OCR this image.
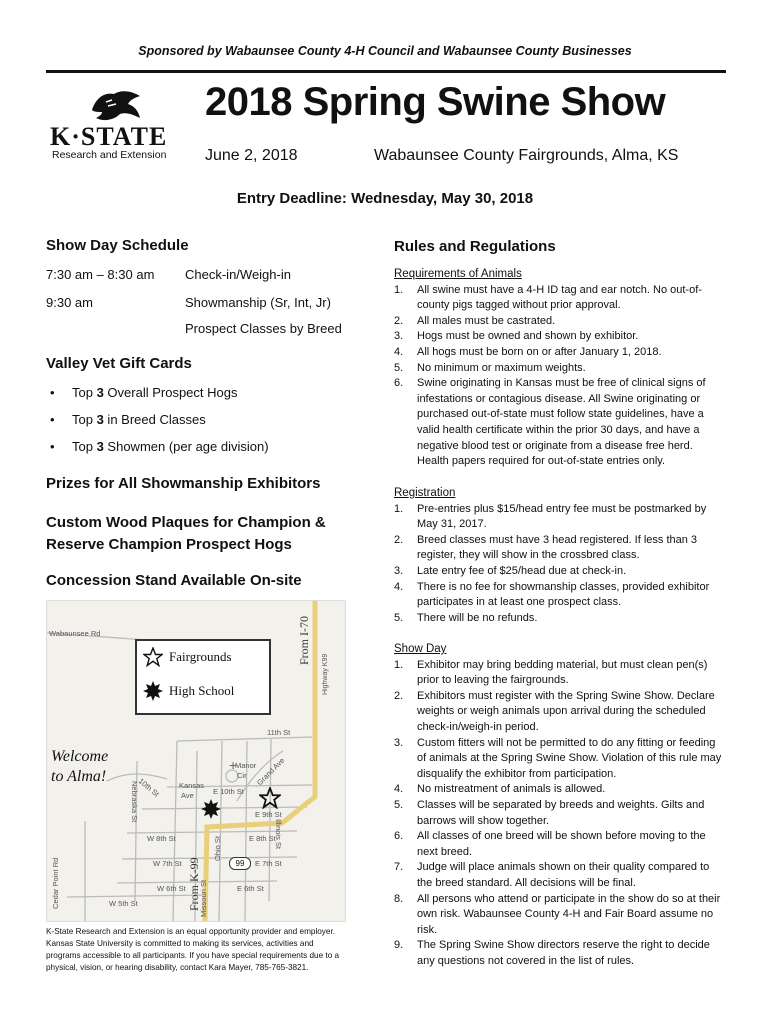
Sponsored by Wabaunsee County 4-H Council and Wabaunsee County Businesses
K·STATE
Research and Extension
2018 Spring Swine Show
June 2, 2018	Wabaunsee County Fairgrounds, Alma, KS
Entry Deadline: Wednesday, May 30, 2018
Show Day Schedule
7:30 am – 8:30 am Check-in/Weigh-in
9:30 am	Showmanship (Sr, Int, Jr)
Prospect Classes by Breed
Valley Vet Gift Cards
• Top 3 Overall Prospect Hogs
• Top 3 in Breed Classes
• Top 3 Showmen (per age division)
Prizes for All Showmanship Exhibitors
Custom Wood Plaques for Champion & Reserve Champion Prospect Hogs
Concession Stand Available On-site
Fairgrounds
High School
Welcome
to Alma!
+
99
From I-70
Highway K99
From K-99
Wabaunsee Rd
11th St
10th St	E 10th St
E 9th St
W 8th St	E 8th St
W 7th St	E 7th St
W 6th St	E 6th St
W 5th St
Manor
Cir Grand Ave
Kansas
Ave
Nebraska St
Cedar Point Rd
Ohio St	Illinois St
Missouri St
K-State Research and Extension is an equal opportunity provider and employer. Kansas State University is committed to making its services, activities and programs accessible to all participants. If you have special requirements due to a physical, vision, or hearing disability, contact Kara Mayer, 785-765-3821.
Rules and Regulations
Requirements of Animals
1. All swine must have a 4-H ID tag and ear notch. No out-of-county pigs tagged without prior approval.
2. All males must be castrated.
3. Hogs must be owned and shown by exhibitor.
4. All hogs must be born on or after January 1, 2018.
5. No minimum or maximum weights.
6. Swine originating in Kansas must be free of clinical signs of infestations or contagious disease. All Swine originating or purchased out-of-state must follow state guidelines, have a valid health certificate within the prior 30 days, and have a negative blood test or originate from a disease free herd. Health papers required for out-of-state entries only.
Registration
1. Pre-entries plus $15/head entry fee must be postmarked by May 31, 2017.
2. Breed classes must have 3 head registered. If less than 3 register, they will show in the crossbred class.
3. Late entry fee of $25/head due at check-in.
4. There is no fee for showmanship classes, provided exhibitor participates in at least one prospect class.
5. There will be no refunds.
Show Day
1. Exhibitor may bring bedding material, but must clean pen(s) prior to leaving the fairgrounds.
2. Exhibitors must register with the Spring Swine Show. Declare weights or weigh animals upon arrival during the scheduled check-in/weigh-in period.
3. Custom fitters will not be permitted to do any fitting or feeding of animals at the Spring Swine Show. Violation of this rule may disqualify the exhibitor from participation.
4. No mistreatment of animals is allowed.
5. Classes will be separated by breeds and weights. Gilts and barrows will show together.
6. All classes of one breed will be shown before moving to the next breed.
7. Judge will place animals shown on their quality compared to the breed standard. All decisions will be final.
8. All persons who attend or participate in the show do so at their own risk. Wabaunsee County 4-H and Fair Board assume no risk.
9. The Spring Swine Show directors reserve the right to decide any questions not covered in the list of rules.
